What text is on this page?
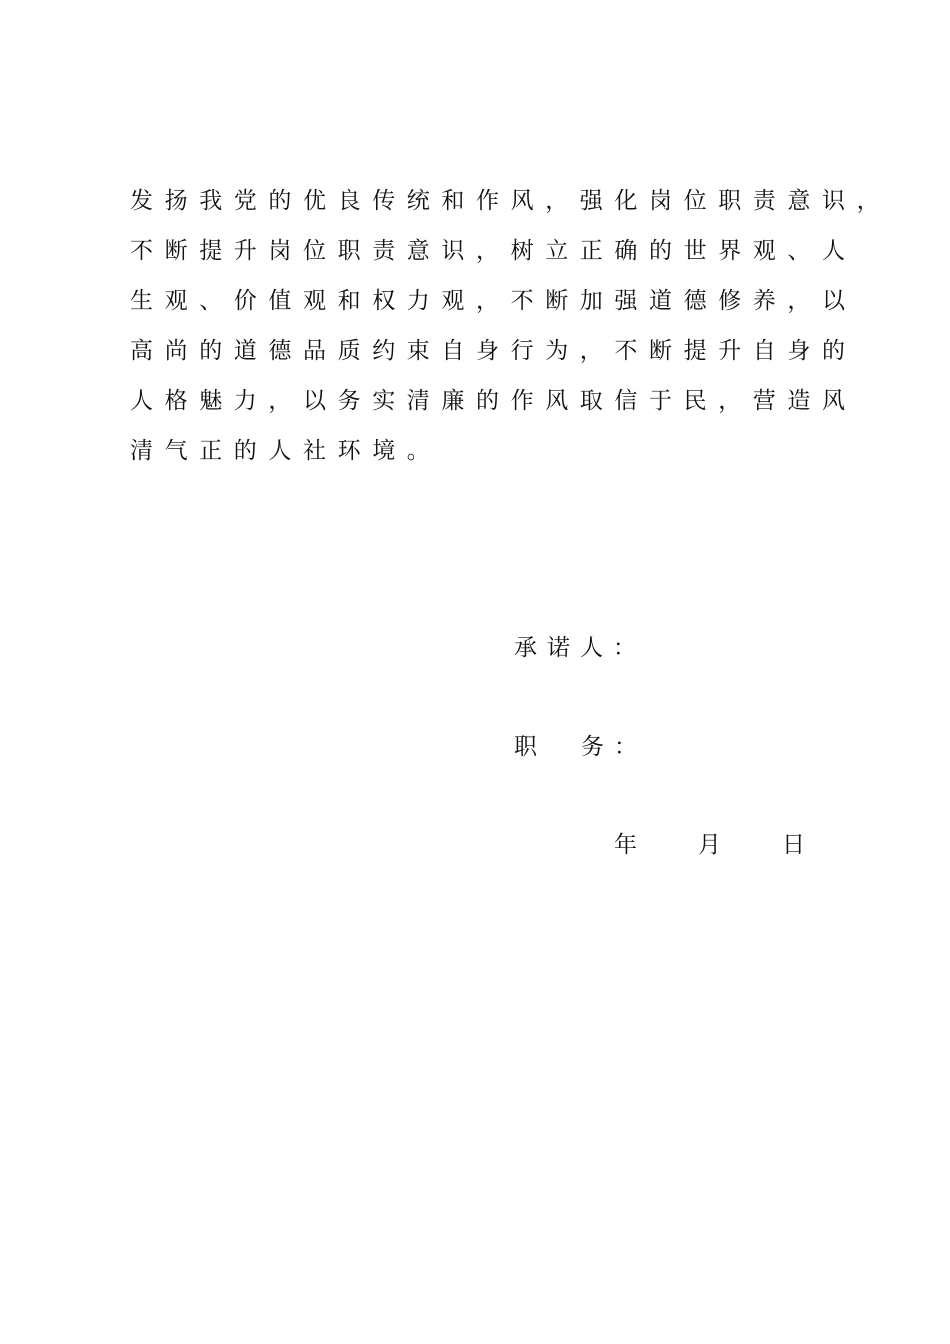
发扬我党的优良传统和作风，强化岗位职责意识，
不断提升岗位职责意识，树立正确的世界观、人
生观、价值观和权力观，不断加强道德修养，以
高尚的道德品质约束自身行为，不断提升自身的
人格魅力，以务实清廉的作风取信于民，营造风
清气正的人社环境。
承诺人：
职 务：
年	月	日
